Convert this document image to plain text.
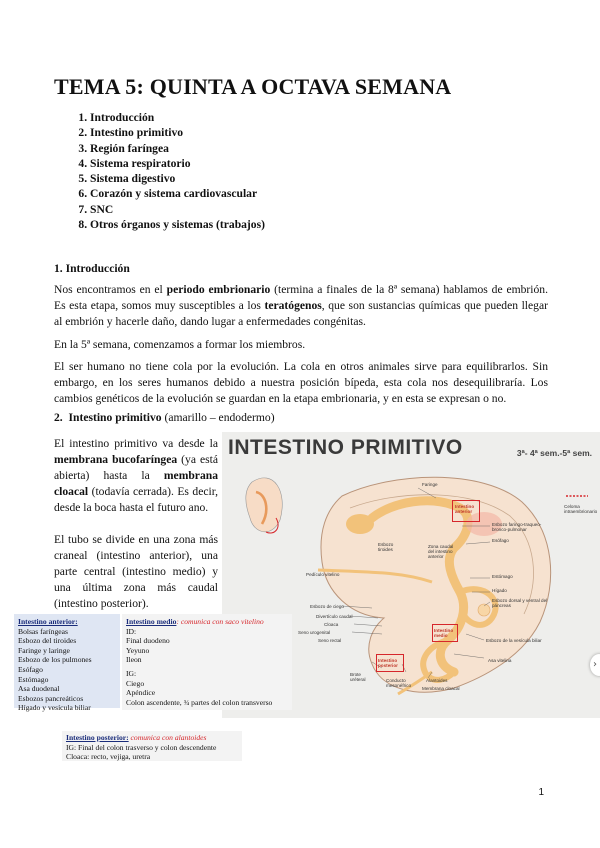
TEMA 5: QUINTA A OCTAVA SEMANA
1. Introducción
2. Intestino primitivo
3. Región faríngea
4. Sistema respiratorio
5. Sistema digestivo
6. Corazón y sistema cardiovascular
7. SNC
8. Otros órganos y sistemas (trabajos)
1. Introducción

Nos encontramos en el periodo embrionario (termina a finales de la 8ª semana) hablamos de embrión. Es esta etapa, somos muy susceptibles a los teratógenos, que son sustancias químicas que pueden llegar al embrión y hacerle daño, dando lugar a enfermedades congénitas.

En la 5ª semana, comenzamos a formar los miembros.

El ser humano no tiene cola por la evolución. La cola en otros animales sirve para equilibrarlos. Sin embargo, en los seres humanos debido a nuestra posición bípeda, esta cola nos desequilibraría. Los cambios genéticos de la evolución se guardan en la etapa embrionaria, y en esta se expresan o no.

2. Intestino primitivo (amarillo – endodermo)

El intestino primitivo va desde la membrana bucofaríngea (ya está abierta) hasta la membrana cloacal (todavía cerrada). Es decir, desde la boca hasta el futuro ano.

El tubo se divide en una zona más craneal (intestino anterior), una parte central (intestino medio) y una última zona más caudal (intestino posterior).

INTESTINO PRIMITIVO	3ª- 4ª sem.-5ª sem.
Faringe
Intestino anterior
Esbozo faringo-traqueo-bronco-pulmonar
Esófago
Esbozo tiroides
Zona caudal del intestino anterior
Estómago
Hígado
Pedículo vitelino
Esbozo dorsal y ventral del páncreas
Esbozo de ciego
Divertículo caudal
Cloaca
Seno urogenital
Seno rectal
Intestino medio
Esbozo de la vesícula biliar
Intestino posterior
Asa vitelina
Brote uréteral	Conducto mesonéfrico
Alantoides
Membrana cloacal
Celoma intraembrionario
Intestino anterior:
Bolsas faríngeas
Esbozo del tiroides
Faringe y laringe
Esbozo de los pulmones
Esófago
Estómago
Asa duodenal
Esbozos pancreáticos
Hígado y vesícula biliar
Intestino medio: comunica con saco vitelino
ID:
Final duodeno
Yeyuno
Ileon
IG:
Ciego
Apéndice
Colon ascendente, ¾ partes del colon transverso
Intestino posterior: comunica con alantoides
IG: Final del colon trasverso y colon descendente
Cloaca: recto, vejiga, uretra
1
›
